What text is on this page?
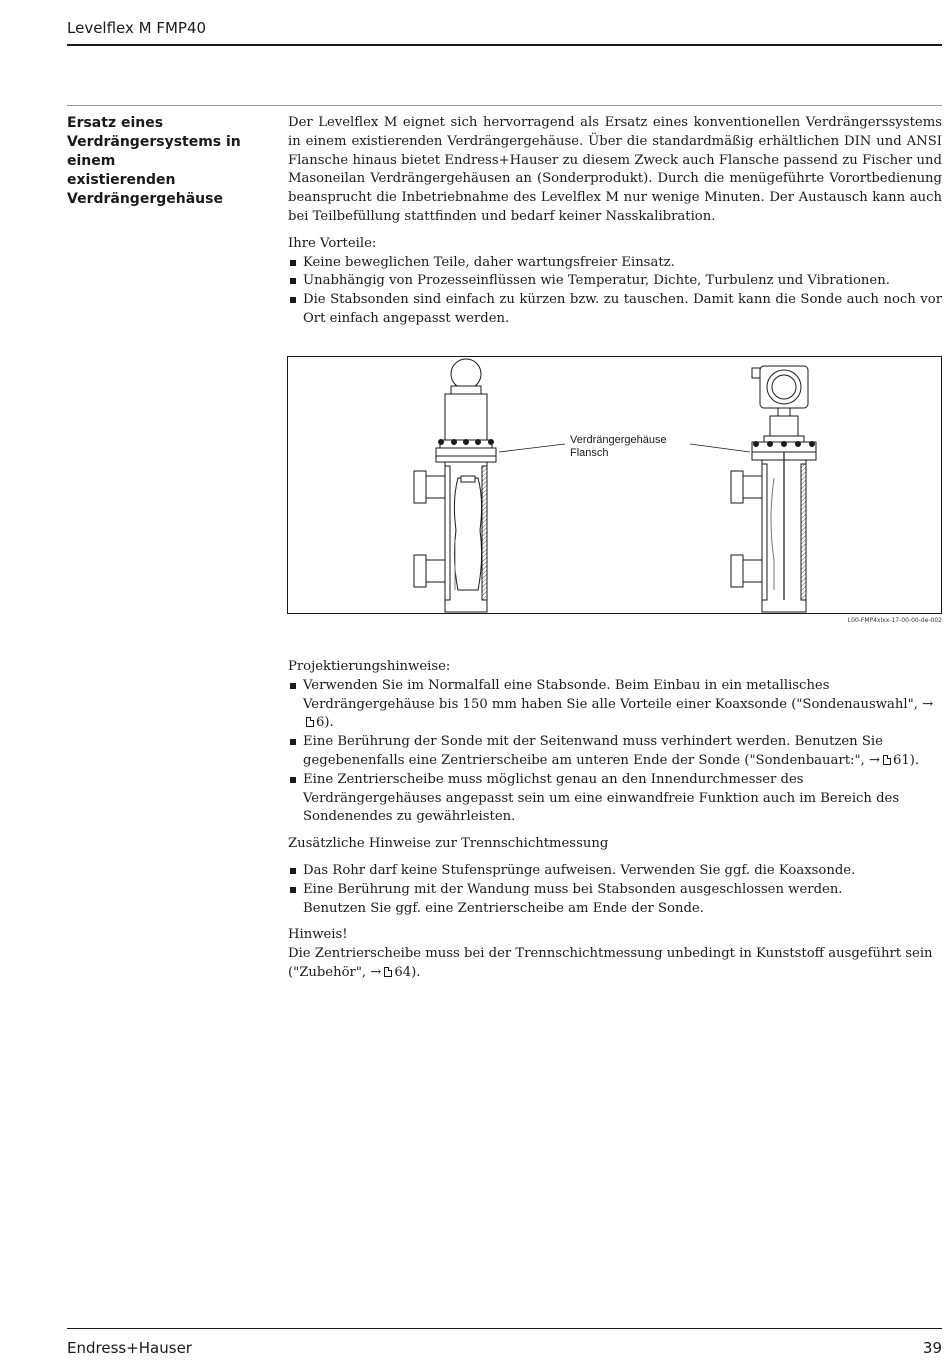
Levelflex M FMP40
Ersatz eines
Verdrängersystems in einem
existierenden
Verdrängergehäuse

Der Levelflex M eignet sich hervorragend als Ersatz eines konventionellen Verdrängerssystems in einem existierenden Verdrängergehäuse. Über die standardmäßig erhältlichen DIN und ANSI Flansche hinaus bietet Endress+Hauser zu diesem Zweck auch Flansche passend zu Fischer und Masoneilan Verdrängergehäusen an (Sonderprodukt). Durch die menügeführte Vorortbedienung beansprucht die Inbetriebnahme des Levelflex M nur wenige Minuten. Der Austausch kann auch bei Teilbefüllung stattfinden und bedarf keiner Nasskalibration.

Ihre Vorteile:

Keine beweglichen Teile, daher wartungsfreier Einsatz.
Unabhängig von Prozesseinflüssen wie Temperatur, Dichte, Turbulenz und Vibrationen.
Die Stabsonden sind einfach zu kürzen bzw. zu tauschen. Damit kann die Sonde auch noch vor Ort einfach angepasst werden.
Verdrängergehäuse
Flansch
L00-FMP4xlxx-17-00-00-de-002

Projektierungshinweise:

Verwenden Sie im Normalfall eine Stabsonde. Beim Einbau in ein metallisches Verdrängergehäuse bis 150 mm haben Sie alle Vorteile einer Koaxsonde ("Sondenauswahl", →6).
Eine Berührung der Sonde mit der Seitenwand muss verhindert werden. Benutzen Sie gegebenenfalls eine Zentrierscheibe am unteren Ende der Sonde ("Sondenbauart:", → 61).
Eine Zentrierscheibe muss möglichst genau an den Innendurchmesser des Verdrängergehäuses angepasst sein um eine einwandfreie Funktion auch im Bereich des Sondenendes zu gewährleisten.

Zusätzliche Hinweise zur Trennschichtmessung

Das Rohr darf keine Stufensprünge aufweisen. Verwenden Sie ggf. die Koaxsonde.
Eine Berührung mit der Wandung muss bei Stabsonden ausgeschlossen werden.
Benutzen Sie ggf. eine Zentrierscheibe am Ende der Sonde.

Hinweis!

Die Zentrierscheibe muss bei der Trennschichtmessung unbedingt in Kunststoff ausgeführt sein ("Zubehör", → 64).

Endress+Hauser	39
